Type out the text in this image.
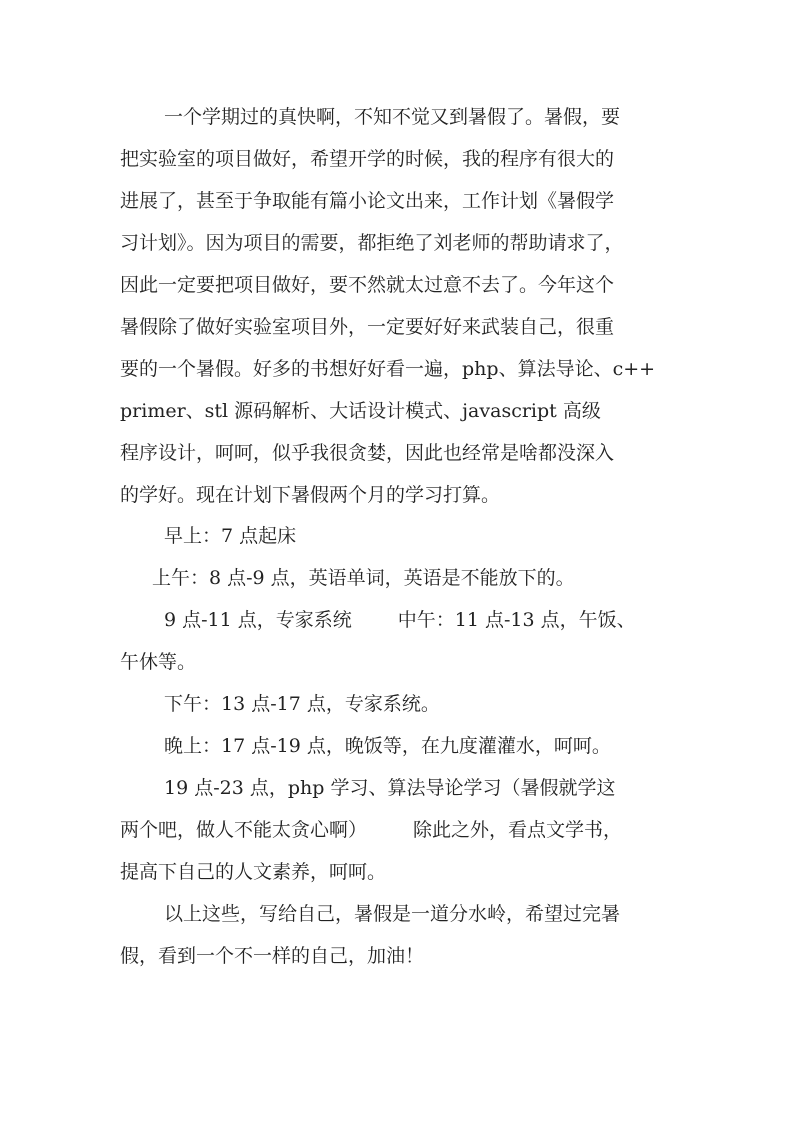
一个学期过的真快啊，不知不觉又到暑假了。暑假，要

把实验室的项目做好，希望开学的时候，我的程序有很大的

进展了，甚至于争取能有篇小论文出来，工作计划《暑假学

习计划》。因为项目的需要，都拒绝了刘老师的帮助请求了，

因此一定要把项目做好，要不然就太过意不去了。今年这个

暑假除了做好实验室项目外，一定要好好来武装自己，很重

要的一个暑假。好多的书想好好看一遍，php、算法导论、c++

primer、stl 源码解析、大话设计模式、javascript 高级

程序设计，呵呵，似乎我很贪婪，因此也经常是啥都没深入

的学好。现在计划下暑假两个月的学习打算。

早上：7 点起床

上午：8 点-9 点，英语单词，英语是不能放下的。

9 点-11 点，专家系统 中午：11 点-13 点，午饭、

午休等。

下午：13 点-17 点，专家系统。

晚上：17 点-19 点，晚饭等，在九度灌灌水，呵呵。

19 点-23 点，php 学习、算法导论学习（暑假就学这

两个吧，做人不能太贪心啊） 除此之外，看点文学书，

提高下自己的人文素养，呵呵。

以上这些，写给自己，暑假是一道分水岭，希望过完暑

假，看到一个不一样的自己，加油！
